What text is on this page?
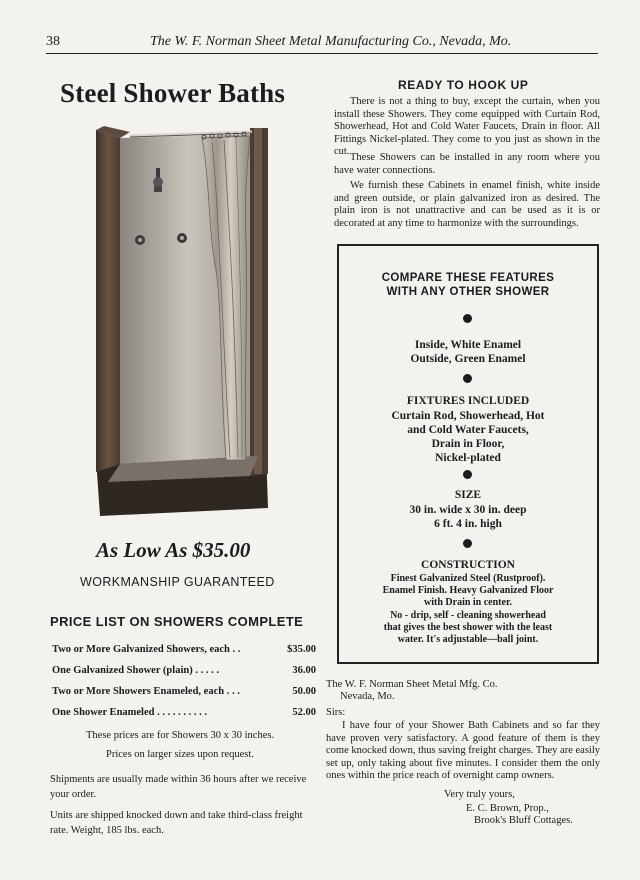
38	The W. F. Norman Sheet Metal Manufacturing Co., Nevada, Mo.
Steel Shower Baths
As Low As $35.00
WORKMANSHIP GUARANTEED
PRICE LIST ON SHOWERS COMPLETE
Two or More Galvanized Showers, each . .	$35.00
One Galvanized Shower (plain) . . . . .	36.00
Two or More Showers Enameled, each . . .	50.00
One Shower Enameled . . . . . . . . . .	52.00
These prices are for Showers 30 x 30 inches.
Prices on larger sizes upon request.
Shipments are usually made within 36 hours after we receive your order.
Units are shipped knocked down and take third-class freight rate. Weight, 185 lbs. each.
READY TO HOOK UP

There is not a thing to buy, except the curtain, when you install these Showers. They come equipped with Curtain Rod, Showerhead, Hot and Cold Water Faucets, Drain in floor. All Fittings Nickel-plated. They come to you just as shown in the cut.

These Showers can be installed in any room where you have water connections.

We furnish these Cabinets in enamel finish, white inside and green outside, or plain galvanized iron as desired. The plain iron is not unattractive and can be used as it is or decorated at any time to harmonize with the surroundings.

COMPARE THESE FEATURES
WITH ANY OTHER SHOWER
Inside, White Enamel
Outside, Green Enamel
FIXTURES INCLUDED
Curtain Rod, Showerhead, Hot
and Cold Water Faucets,
Drain in Floor,
Nickel-plated
SIZE
30 in. wide x 30 in. deep
6 ft. 4 in. high
CONSTRUCTION
Finest Galvanized Steel (Rustproof).
Enamel Finish. Heavy Galvanized Floor
with Drain in center.
No - drip, self - cleaning showerhead
that gives the best shower with the least
water. It's adjustable—ball joint.
The W. F. Norman Sheet Metal Mfg. Co.
Nevada, Mo.
Sirs:

I have four of your Shower Bath Cabinets and so far they have proven very satisfactory. A good feature of them is they come knocked down, thus saving freight charges. They are easily set up, only taking about five minutes. I consider them the only ones within the price reach of overnight camp owners.

Very truly yours,
E. C. Brown, Prop.,
Brook's Bluff Cottages.
